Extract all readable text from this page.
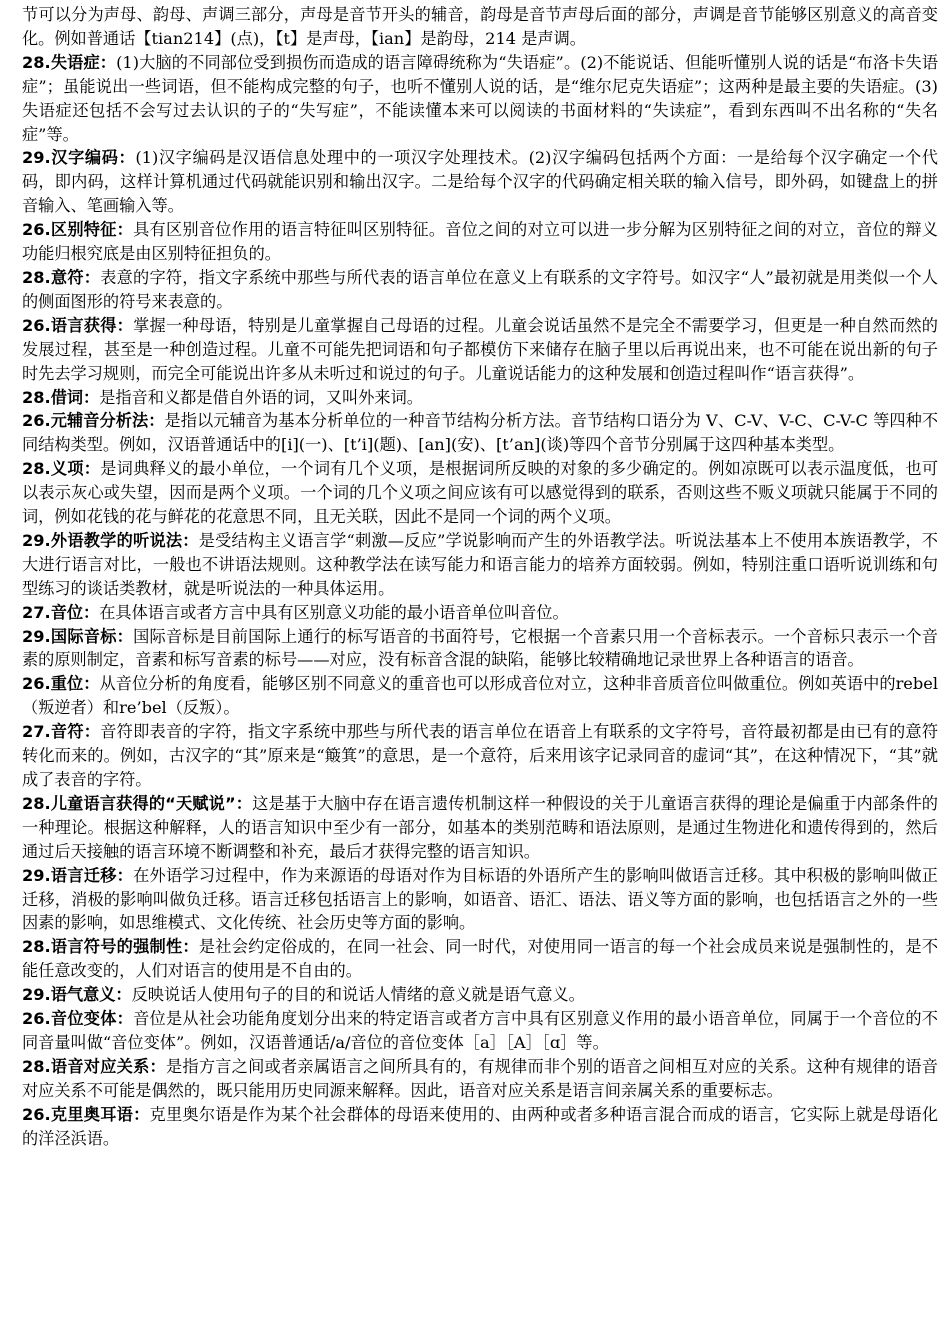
节可以分为声母、韵母、声调三部分，声母是音节开头的辅音，韵母是音节声母后面的部分，声调是音节能够区别意义的高音变化。例如普通话【tian214】(点)，【t】是声母，【ian】是韵母，214 是声调。

28.失语症：(1)大脑的不同部位受到损伤而造成的语言障碍统称为“失语症”。(2)不能说话、但能听懂别人说的话是“布洛卡失语症”；虽能说出一些词语，但不能构成完整的句子，也听不懂别人说的话，是“维尔尼克失语症”；这两种是最主要的失语症。(3)失语症还包括不会写过去认识的子的“失写症”，不能读懂本来可以阅读的书面材料的“失读症”，看到东西叫不出名称的“失名症”等。

29.汉字编码：(1)汉字编码是汉语信息处理中的一项汉字处理技术。(2)汉字编码包括两个方面：一是给每个汉字确定一个代码，即内码，这样计算机通过代码就能识别和输出汉字。二是给每个汉字的代码确定相关联的输入信号，即外码，如键盘上的拼音输入、笔画输入等。

26.区别特征：具有区别音位作用的语言特征叫区别特征。音位之间的对立可以进一步分解为区别特征之间的对立，音位的辩义功能归根究底是由区别特征担负的。

28.意符：表意的字符，指文字系统中那些与所代表的语言单位在意义上有联系的文字符号。如汉字“人”最初就是用类似一个人的侧面图形的符号来表意的。

26.语言获得：掌握一种母语，特别是儿童掌握自己母语的过程。儿童会说话虽然不是完全不需要学习，但更是一种自然而然的发展过程，甚至是一种创造过程。儿童不可能先把词语和句子都模仿下来储存在脑子里以后再说出来，也不可能在说出新的句子时先去学习规则，而完全可能说出许多从未听过和说过的句子。儿童说话能力的这种发展和创造过程叫作“语言获得”。

28.借词：是指音和义都是借自外语的词，又叫外来词。

26.元辅音分析法：是指以元辅音为基本分析单位的一种音节结构分析方法。音节结构口语分为 V、C-V、V-C、C-V-C 等四种不同结构类型。例如，汉语普通话中的[i](一)、[t’i](题)、[an](安)、[t’an](谈)等四个音节分别属于这四种基本类型。

28.义项：是词典释义的最小单位，一个词有几个义项，是根据词所反映的对象的多少确定的。例如凉既可以表示温度低，也可以表示灰心或失望，因而是两个义项。一个词的几个义项之间应该有可以感觉得到的联系，否则这些不贩义项就只能属于不同的词，例如花钱的花与鲜花的花意思不同，且无关联，因此不是同一个词的两个义项。

29.外语教学的听说法：是受结构主义语言学“刺激—反应”学说影响而产生的外语教学法。听说法基本上不使用本族语教学，不大进行语言对比，一般也不讲语法规则。这种教学法在读写能力和语言能力的培养方面较弱。例如，特别注重口语听说训练和句型练习的谈话类教材，就是听说法的一种具体运用。

27.音位：在具体语言或者方言中具有区别意义功能的最小语音单位叫音位。

29.国际音标：国际音标是目前国际上通行的标写语音的书面符号，它根据一个音素只用一个音标表示。一个音标只表示一个音素的原则制定，音素和标写音素的标号——对应，没有标音含混的缺陷，能够比较精确地记录世界上各种语言的语音。

26.重位：从音位分析的角度看，能够区别不同意义的重音也可以形成音位对立，这种非音质音位叫做重位。例如英语中的rebel（叛逆者）和re’bel（反叛）。

27.音符：音符即表音的字符，指文字系统中那些与所代表的语言单位在语音上有联系的文字符号，音符最初都是由已有的意符转化而来的。例如，古汉字的“其”原来是“簸箕”的意思，是一个意符，后来用该字记录同音的虚词“其”，在这种情况下，“其”就成了表音的字符。

28.儿童语言获得的“天赋说”：这是基于大脑中存在语言遗传机制这样一种假设的关于儿童语言获得的理论是偏重于内部条件的一种理论。根据这种解释，人的语言知识中至少有一部分，如基本的类别范畴和语法原则，是通过生物进化和遗传得到的，然后通过后天接触的语言环境不断调整和补充，最后才获得完整的语言知识。

29.语言迁移：在外语学习过程中，作为来源语的母语对作为目标语的外语所产生的影响叫做语言迁移。其中积极的影响叫做正迁移，消极的影响叫做负迁移。语言迁移包括语言上的影响，如语音、语汇、语法、语义等方面的影响，也包括语言之外的一些因素的影响，如思维模式、文化传统、社会历史等方面的影响。

28.语言符号的强制性：是社会约定俗成的，在同一社会、同一时代，对使用同一语言的每一个社会成员来说是强制性的，是不能任意改变的，人们对语言的使用是不自由的。

29.语气意义：反映说话人使用句子的目的和说话人情绪的意义就是语气意义。

26.音位变体：音位是从社会功能角度划分出来的特定语言或者方言中具有区别意义作用的最小语音单位，同属于一个音位的不同音量叫做“音位变体”。例如，汉语普通话/a/音位的音位变体［a］［A］［ɑ］等。

28.语音对应关系：是指方言之间或者亲属语言之间所具有的，有规律而非个别的语音之间相互对应的关系。这种有规律的语音对应关系不可能是偶然的，既只能用历史同源来解释。因此，语音对应关系是语言间亲属关系的重要标志。

26.克里奥耳语：克里奥尔语是作为某个社会群体的母语来使用的、由两种或者多种语言混合而成的语言，它实际上就是母语化的洋泾浜语。
